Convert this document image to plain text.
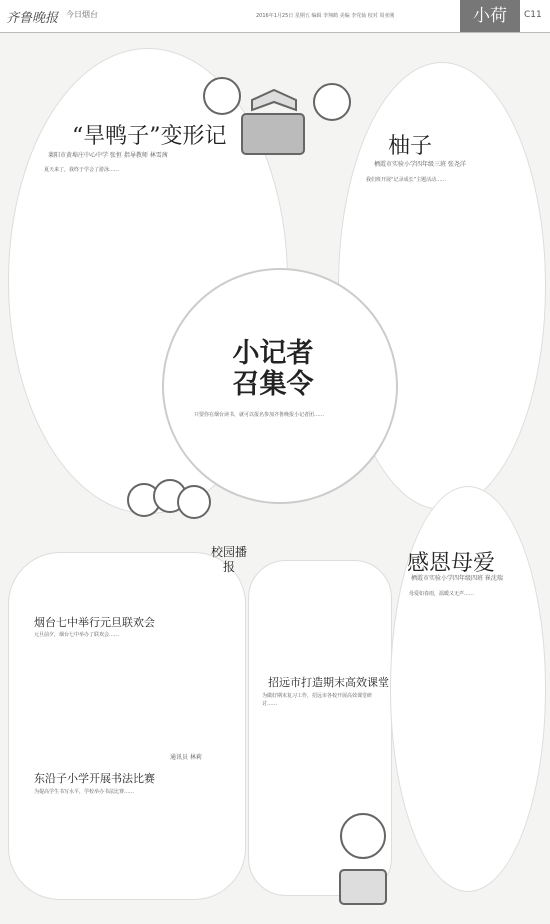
齐鲁晚报 今日烟台	2016年1月25日 星期五 编辑 李翔鹤 美编 李党灿 校对 周亚刚	小荷	C11
“旱鸭子”变形记
莱阳市黄埠庄中心中学 张恒 指导教师 林雪茜
夏天来了，我终于学会了游泳……
柚子
栖霞市实验小学四年级三班 张尧洋
我们班开展“记录成长”主题活动……
感恩母爱
栖霞市实验小学四年级四班 崔沈瑞
母爱如春雨，温暖又无声……
烟台七中举行元旦联欢会
元旦前夕，烟台七中举办了联欢会……
通讯员 林莉
东沿子小学开展书法比赛
为提高学生书写水平，学校举办书法比赛……
招远市打造期末高效课堂
为做好期末复习工作，招远市各校开展高效课堂研讨……
小记者召集令
只要你在烟台读书，就可以报名参加齐鲁晚报小记者团……
校园播报
